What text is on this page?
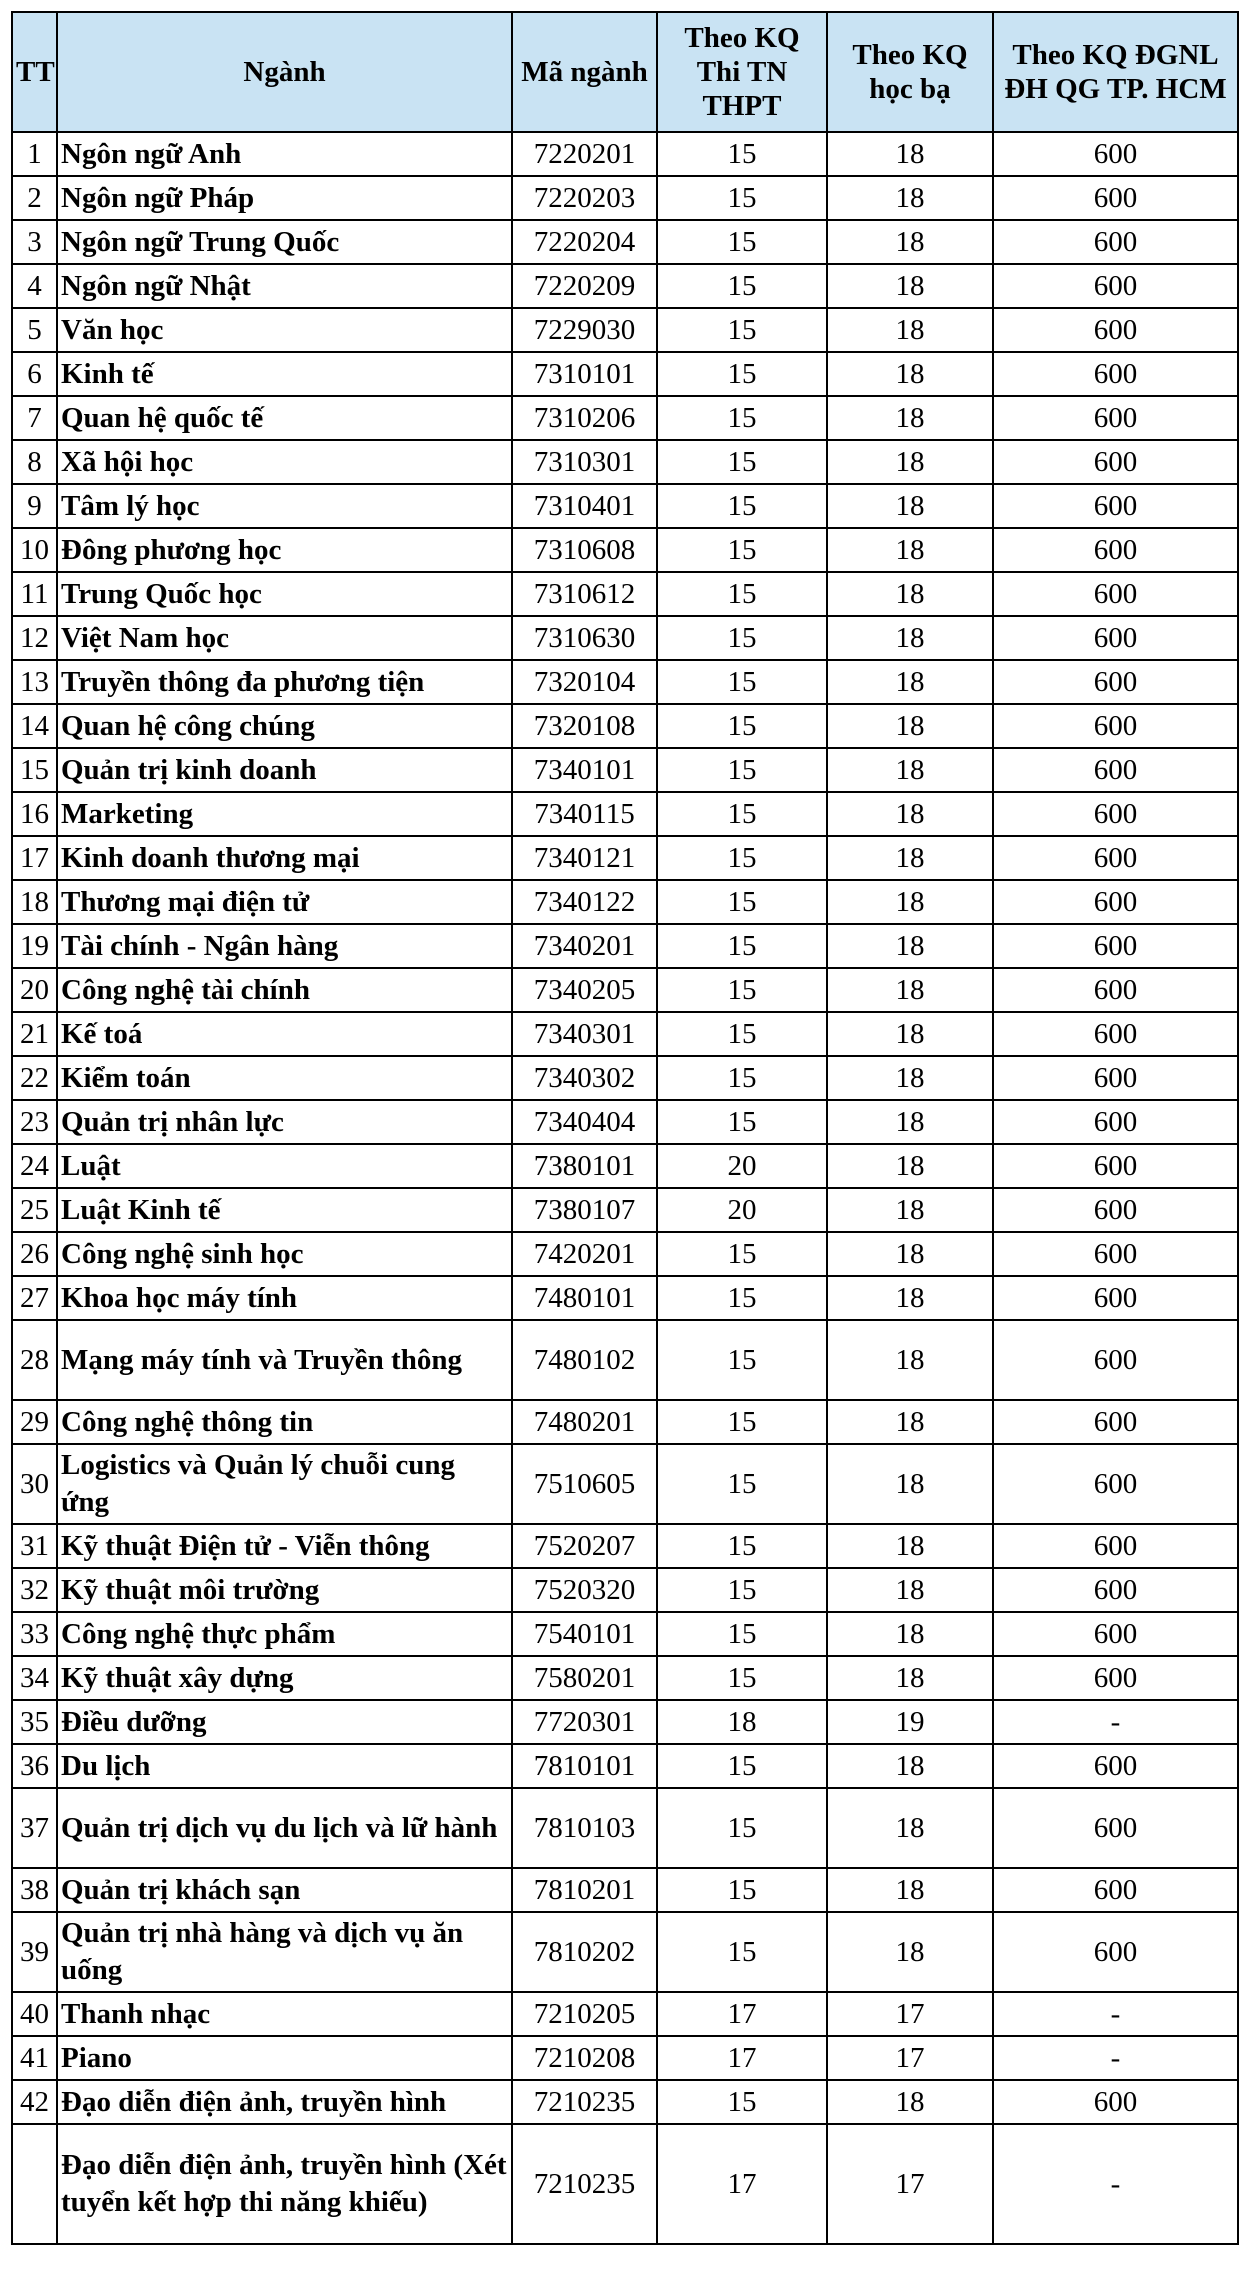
TT	Ngành	Mã ngành	Theo KQ Thi TN THPT	Theo KQ học bạ	Theo KQ ĐGNL ĐH QG TP. HCM
1	Ngôn ngữ Anh	7220201	15	18	600
2	Ngôn ngữ Pháp	7220203	15	18	600
3	Ngôn ngữ Trung Quốc	7220204	15	18	600
4	Ngôn ngữ Nhật	7220209	15	18	600
5	Văn học	7229030	15	18	600
6	Kinh tế	7310101	15	18	600
7	Quan hệ quốc tế	7310206	15	18	600
8	Xã hội học	7310301	15	18	600
9	Tâm lý học	7310401	15	18	600
10	Đông phương học	7310608	15	18	600
11	Trung Quốc học	7310612	15	18	600
12	Việt Nam học	7310630	15	18	600
13	Truyền thông đa phương tiện	7320104	15	18	600
14	Quan hệ công chúng	7320108	15	18	600
15	Quản trị kinh doanh	7340101	15	18	600
16	Marketing	7340115	15	18	600
17	Kinh doanh thương mại	7340121	15	18	600
18	Thương mại điện tử	7340122	15	18	600
19	Tài chính - Ngân hàng	7340201	15	18	600
20	Công nghệ tài chính	7340205	15	18	600
21	Kế toá	7340301	15	18	600
22	Kiểm toán	7340302	15	18	600
23	Quản trị nhân lực	7340404	15	18	600
24	Luật	7380101	20	18	600
25	Luật Kinh tế	7380107	20	18	600
26	Công nghệ sinh học	7420201	15	18	600
27	Khoa học máy tính	7480101	15	18	600
28	Mạng máy tính và Truyền thông	7480102	15	18	600
29	Công nghệ thông tin	7480201	15	18	600
30	Logistics và Quản lý chuỗi cung ứng	7510605	15	18	600
31	Kỹ thuật Điện tử - Viễn thông	7520207	15	18	600
32	Kỹ thuật môi trường	7520320	15	18	600
33	Công nghệ thực phẩm	7540101	15	18	600
34	Kỹ thuật xây dựng	7580201	15	18	600
35	Điều dưỡng	7720301	18	19	-
36	Du lịch	7810101	15	18	600
37	Quản trị dịch vụ du lịch và lữ hành	7810103	15	18	600
38	Quản trị khách sạn	7810201	15	18	600
39	Quản trị nhà hàng và dịch vụ ăn uống	7810202	15	18	600
40	Thanh nhạc	7210205	17	17	-
41	Piano	7210208	17	17	-
42	Đạo diễn điện ảnh, truyền hình	7210235	15	18	600
	Đạo diễn điện ảnh, truyền hình (Xét tuyển kết hợp thi năng khiếu)	7210235	17	17	-
